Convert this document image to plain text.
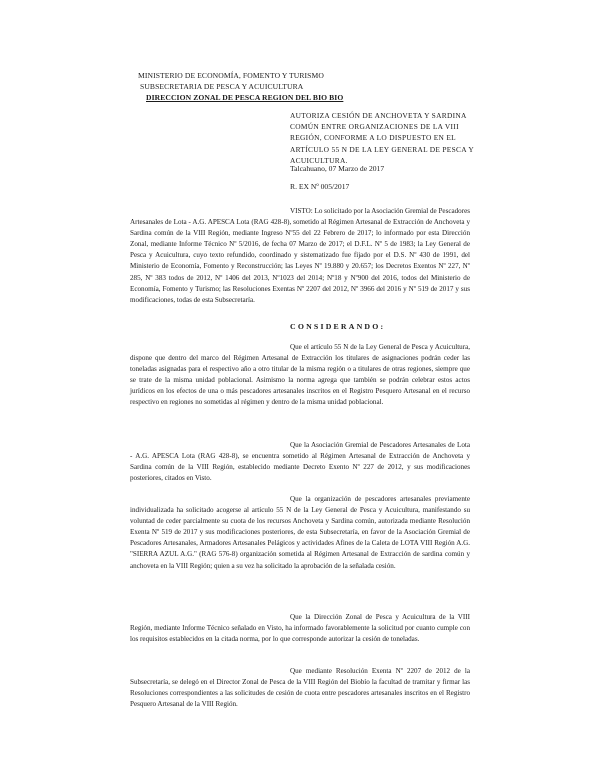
MINISTERIO DE ECONOMÍA, FOMENTO Y TURISMO
SUBSECRETARIA DE PESCA Y ACUICULTURA
DIRECCION ZONAL DE PESCA REGION DEL BIO BIO
AUTORIZA CESIÓN DE ANCHOVETA Y SARDINA COMÚN ENTRE ORGANIZACIONES DE LA VIII REGIÓN, CONFORME A LO DISPUESTO EN EL ARTÍCULO 55 N DE LA LEY GENERAL DE PESCA Y ACUICULTURA.
Talcahuano, 07 Marzo de 2017
R. EX Nº 005/2017
VISTO: Lo solicitado por la Asociación Gremial de Pescadores Artesanales de Lota - A.G. APESCA Lota (RAG 428-8), sometido al Régimen Artesanal de Extracción de Anchoveta y Sardina común de la VIII Región, mediante Ingreso Nº55 del 22 Febrero de 2017; lo informado por esta Dirección Zonal, mediante Informe Técnico Nº 5/2016, de fecha 07 Marzo de 2017; el D.F.L. Nº 5 de 1983; la Ley General de Pesca y Acuicultura, cuyo texto refundido, coordinado y sistematizado fue fijado por el D.S. Nº 430 de 1991, del Ministerio de Economía, Fomento y Reconstrucción; las Leyes Nº 19.880 y 20.657; los Decretos Exentos Nº 227, Nº 285, Nº 383 todos de 2012, Nº 1406 del 2013, Nº1023 del 2014; Nº18 y Nº900 del 2016, todos del Ministerio de Economía, Fomento y Turismo; las Resoluciones Exentas Nº 2207 del 2012, Nº 3966 del 2016 y Nº 519 de 2017 y sus modificaciones, todas de esta Subsecretaría.
CONSIDERANDO:
Que el artículo 55 N de la Ley General de Pesca y Acuicultura, dispone que dentro del marco del Régimen Artesanal de Extracción los titulares de asignaciones podrán ceder las toneladas asignadas para el respectivo año a otro titular de la misma región o a titulares de otras regiones, siempre que se trate de la misma unidad poblacional. Asimismo la norma agrega que también se podrán celebrar estos actos jurídicos en los efectos de una o más pescadores artesanales inscritos en el Registro Pesquero Artesanal en el recurso respectivo en regiones no sometidas al régimen y dentro de la misma unidad poblacional.
Que la Asociación Gremial de Pescadores Artesanales de Lota - A.G. APESCA Lota (RAG 428-8), se encuentra sometido al Régimen Artesanal de Extracción de Anchoveta y Sardina común de la VIII Región, establecido mediante Decreto Exento Nº 227 de 2012, y sus modificaciones posteriores, citados en Visto.
Que la organización de pescadores artesanales previamente individualizada ha solicitado acogerse al artículo 55 N de la Ley General de Pesca y Acuicultura, manifestando su voluntad de ceder parcialmente su cuota de los recursos Anchoveta y Sardina común, autorizada mediante Resolución Exenta Nº 519 de 2017 y sus modificaciones posteriores, de esta Subsecretaría, en favor de la Asociación Gremial de Pescadores Artesanales, Armadores Artesanales Pelágicos y actividades Afines de la Caleta de LOTA VIII Región A.G. "SIERRA AZUL A.G." (RAG 576-8) organización sometida al Régimen Artesanal de Extracción de sardina común y anchoveta en la VIII Región; quien a su vez ha solicitado la aprobación de la señalada cesión.
Que la Dirección Zonal de Pesca y Acuicultura de la VIII Región, mediante Informe Técnico señalado en Visto, ha informado favorablemente la solicitud por cuanto cumple con los requisitos establecidos en la citada norma, por lo que corresponde autorizar la cesión de toneladas.
Que mediante Resolución Exenta Nº 2207 de 2012 de la Subsecretaría, se delegó en el Director Zonal de Pesca de la VIII Región del Biobío la facultad de tramitar y firmar las Resoluciones correspondientes a las solicitudes de cesión de cuota entre pescadores artesanales inscritos en el Registro Pesquero Artesanal de la VIII Región.
